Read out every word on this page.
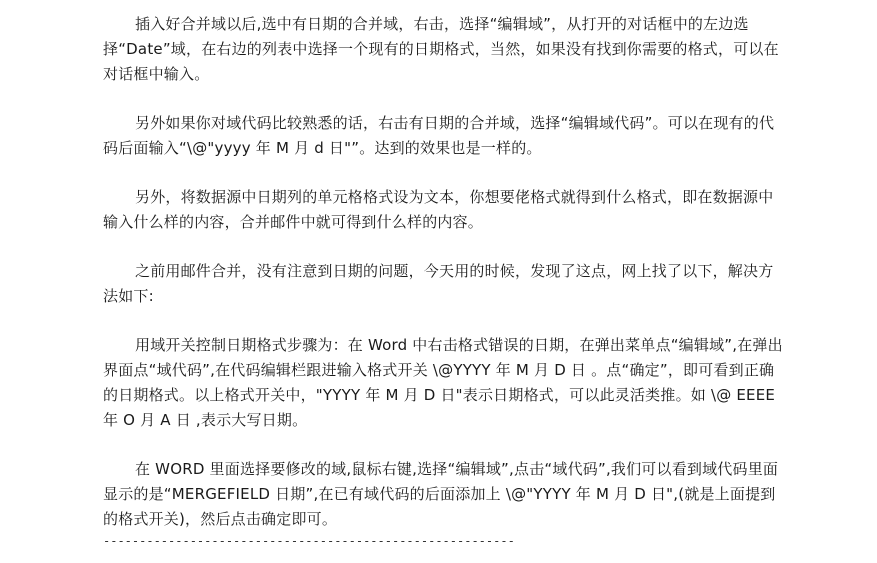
插入好合并域以后,选中有日期的合并域，右击，选择“编辑域”，从打开的对话框中的左边选择“Date”域，在右边的列表中选择一个现有的日期格式，当然，如果没有找到你需要的格式，可以在对话框中输入。

另外如果你对域代码比较熟悉的话，右击有日期的合并域，选择“编辑域代码”。可以在现有的代码后面输入“\@"yyyy 年 M 月 d 日"”。达到的效果也是一样的。

另外，将数据源中日期列的单元格格式设为文本，你想要佬格式就得到什么格式，即在数据源中输入什么样的内容，合并邮件中就可得到什么样的内容。

之前用邮件合并，没有注意到日期的问题，今天用的时候，发现了这点，网上找了以下，解决方法如下:

用域开关控制日期格式步骤为：在 Word 中右击格式错误的日期，在弹出菜单点“编辑域”,在弹出界面点“域代码”,在代码编辑栏跟进输入格式开关 \@YYYY 年 M 月 D 日 。点“确定”，即可看到正确的日期格式。以上格式开关中，"YYYY 年 M 月 D 日"表示日期格式，可以此灵活类推。如 \@ EEEE 年 O 月 A 日 ,表示大写日期。

在 WORD 里面选择要修改的域,鼠标右键,选择“编辑域”,点击“域代码”,我们可以看到域代码里面显示的是“MERGEFIELD 日期”,在已有域代码的后面添加上 \@"YYYY 年 M 月 D 日",(就是上面提到的格式开关)，然后点击确定即可。

---------------------------------------------------------
